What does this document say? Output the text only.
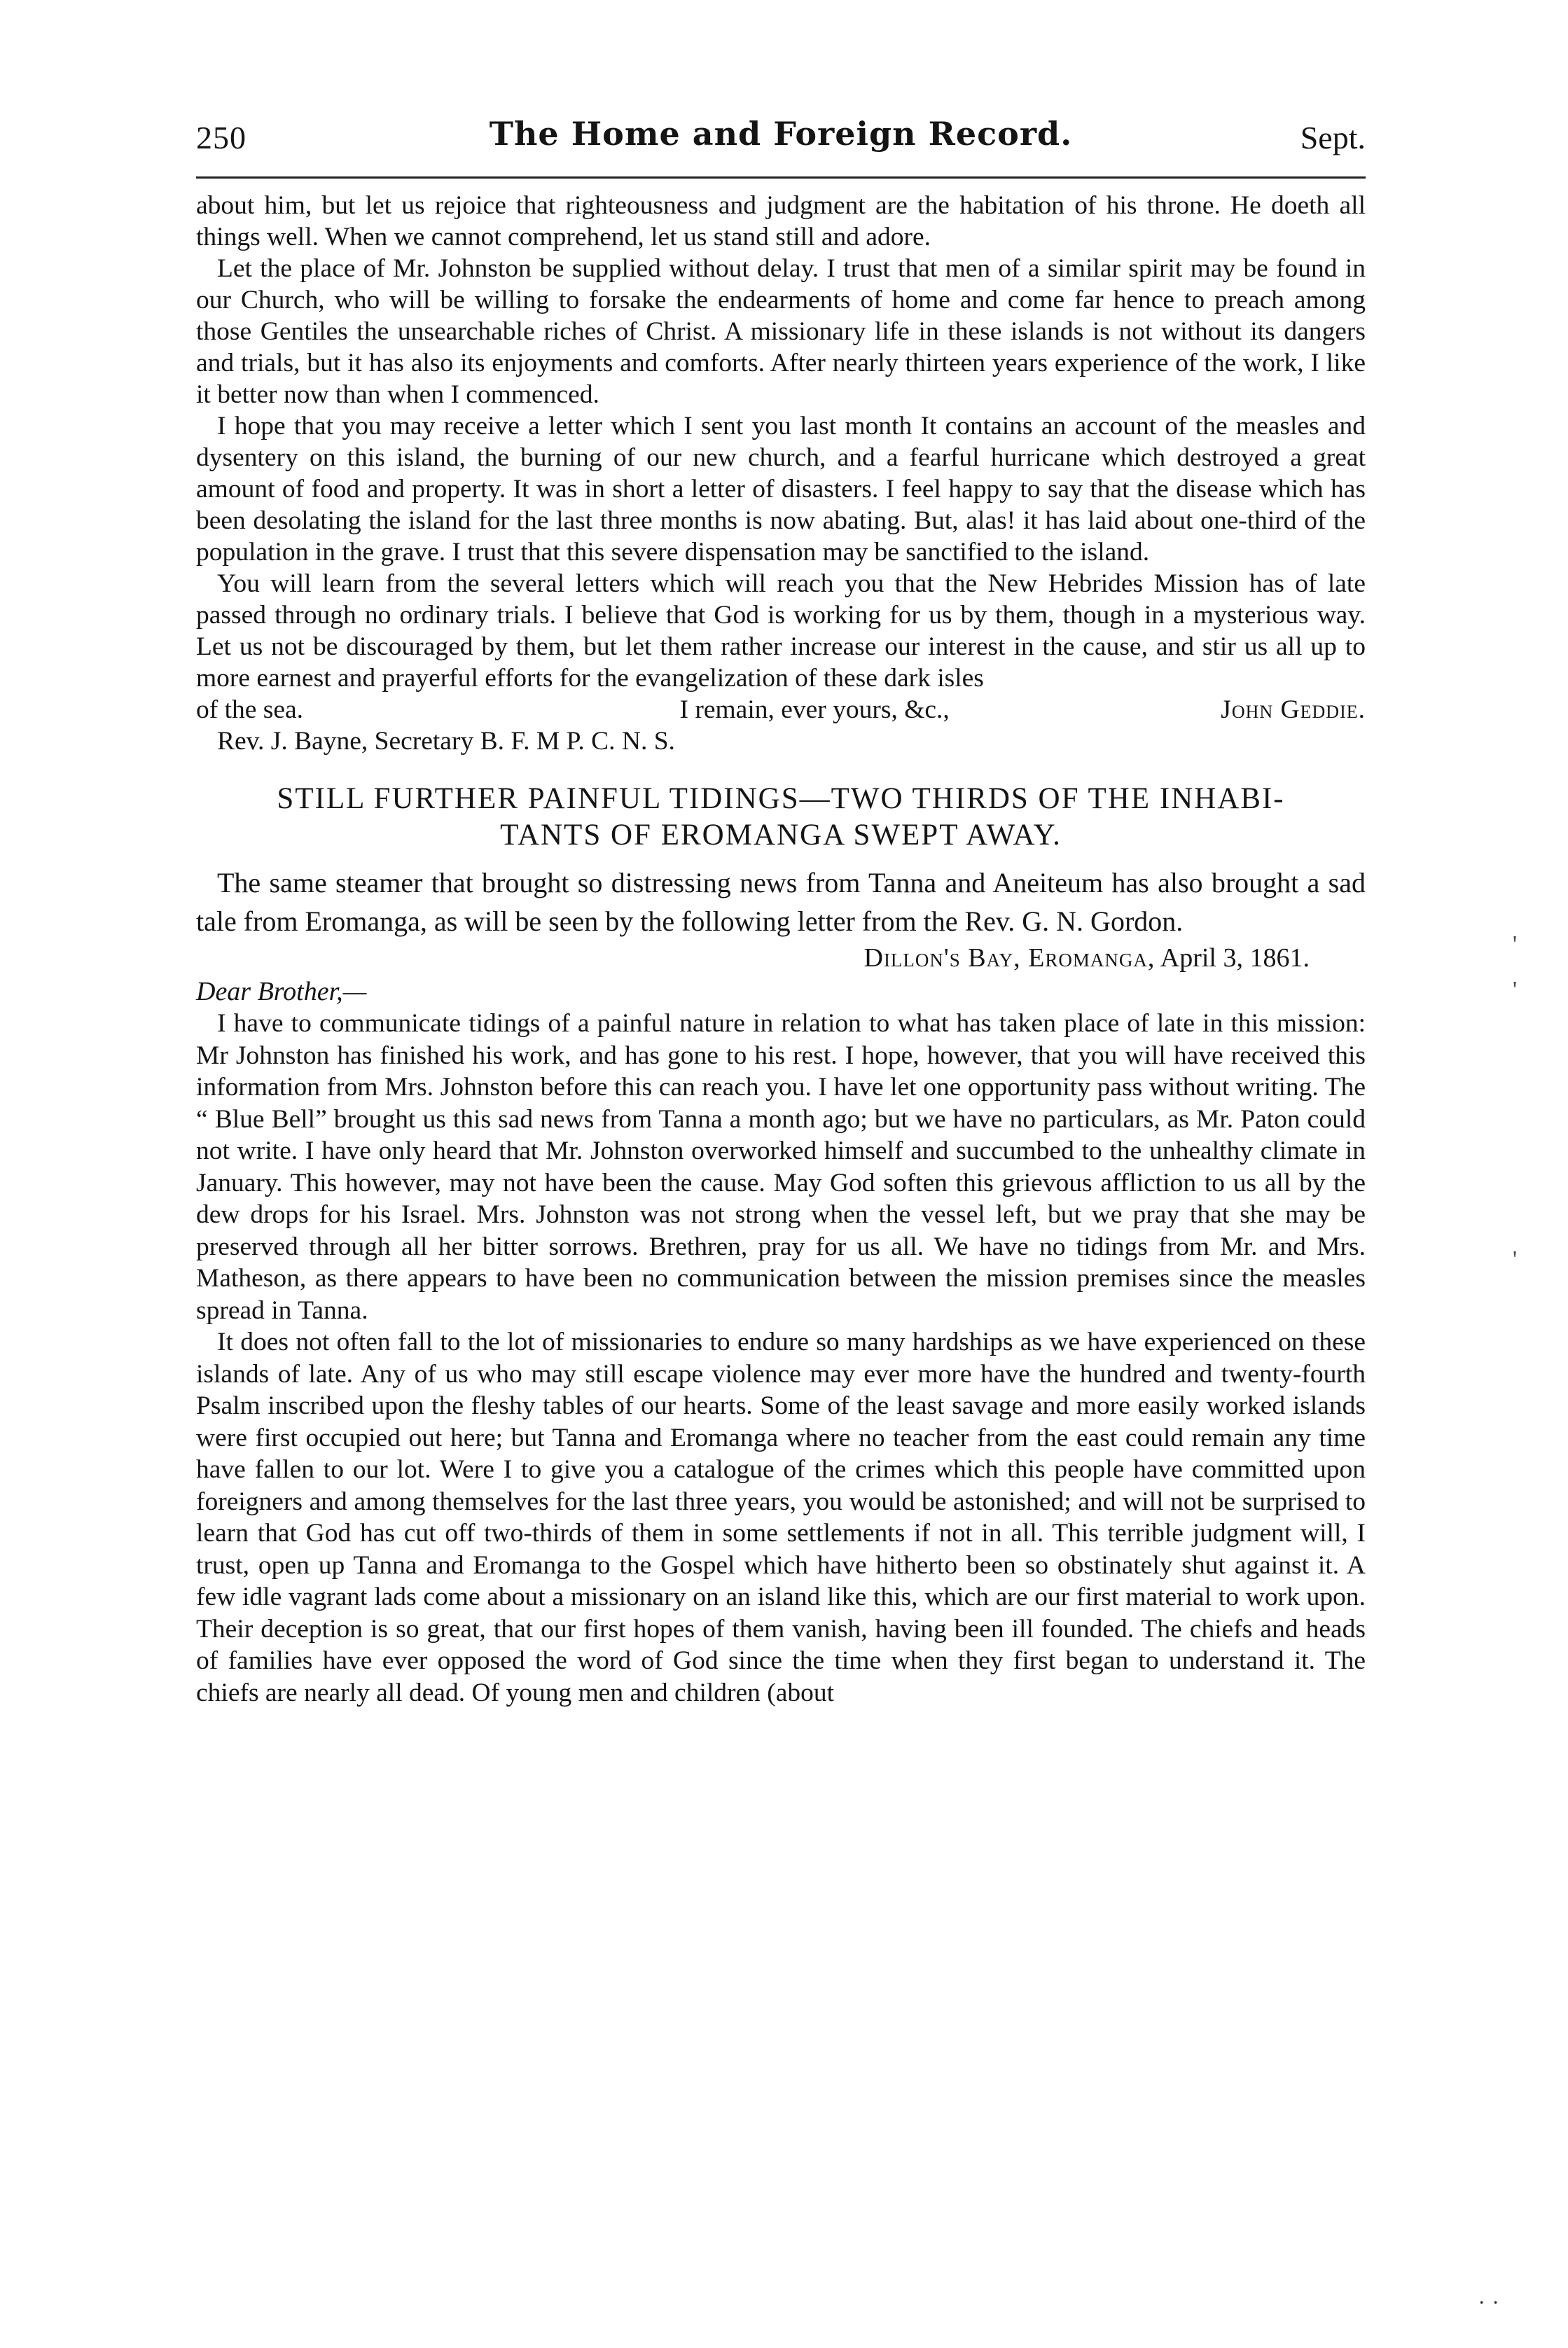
250	The Home and Foreign Record.	Sept.

about him, but let us rejoice that righteousness and judgment are the habitation of his throne. He doeth all things well. When we cannot comprehend, let us stand still and adore.

Let the place of Mr. Johnston be supplied without delay. I trust that men of a similar spirit may be found in our Church, who will be willing to forsake the endearments of home and come far hence to preach among those Gentiles the unsearchable riches of Christ. A missionary life in these islands is not without its dangers and trials, but it has also its enjoyments and comforts. After nearly thirteen years experience of the work, I like it better now than when I commenced.

I hope that you may receive a letter which I sent you last month It contains an account of the measles and dysentery on this island, the burning of our new church, and a fearful hurricane which destroyed a great amount of food and property. It was in short a letter of disasters. I feel happy to say that the disease which has been desolating the island for the last three months is now abating. But, alas! it has laid about one-third of the population in the grave. I trust that this severe dispensation may be sanctified to the island.

You will learn from the several letters which will reach you that the New Hebrides Mission has of late passed through no ordinary trials. I believe that God is working for us by them, though in a mysterious way. Let us not be discouraged by them, but let them rather increase our interest in the cause, and stir us all up to more earnest and prayerful efforts for the evangelization of these dark isles

of the sea.	I remain, ever yours, &c.,	John Geddie.
Rev. J. Bayne, Secretary B. F. M P. C. N. S.
STILL FURTHER PAINFUL TIDINGS—TWO THIRDS OF THE INHABI-
TANTS OF EROMANGA SWEPT AWAY.

The same steamer that brought so distressing news from Tanna and Aneiteum has also brought a sad tale from Eromanga, as will be seen by the following letter from the Rev. G. N. Gordon.

Dillon's Bay, Eromanga, April 3, 1861.
Dear Brother,—

I have to communicate tidings of a painful nature in relation to what has taken place of late in this mission: Mr Johnston has finished his work, and has gone to his rest. I hope, however, that you will have received this information from Mrs. Johnston before this can reach you. I have let one opportunity pass without writing. The “ Blue Bell” brought us this sad news from Tanna a month ago; but we have no particulars, as Mr. Paton could not write. I have only heard that Mr. Johnston overworked himself and succumbed to the unhealthy climate in January. This however, may not have been the cause. May God soften this grievous affliction to us all by the dew drops for his Israel. Mrs. Johnston was not strong when the vessel left, but we pray that she may be preserved through all her bitter sorrows. Brethren, pray for us all. We have no tidings from Mr. and Mrs. Matheson, as there appears to have been no communication between the mission premises since the measles spread in Tanna.

It does not often fall to the lot of missionaries to endure so many hardships as we have experienced on these islands of late. Any of us who may still escape violence may ever more have the hundred and twenty-fourth Psalm inscribed upon the fleshy tables of our hearts. Some of the least savage and more easily worked islands were first occupied out here; but Tanna and Eromanga where no teacher from the east could remain any time have fallen to our lot. Were I to give you a catalogue of the crimes which this people have committed upon foreigners and among themselves for the last three years, you would be astonished; and will not be surprised to learn that God has cut off two-thirds of them in some settlements if not in all. This terrible judgment will, I trust, open up Tanna and Eromanga to the Gospel which have hitherto been so obstinately shut against it. A few idle vagrant lads come about a missionary on an island like this, which are our first material to work upon. Their deception is so great, that our first hopes of them vanish, having been ill founded. The chiefs and heads of families have ever opposed the word of God since the time when they first began to understand it. The chiefs are nearly all dead. Of young men and children (about

'
'
'
· ·
